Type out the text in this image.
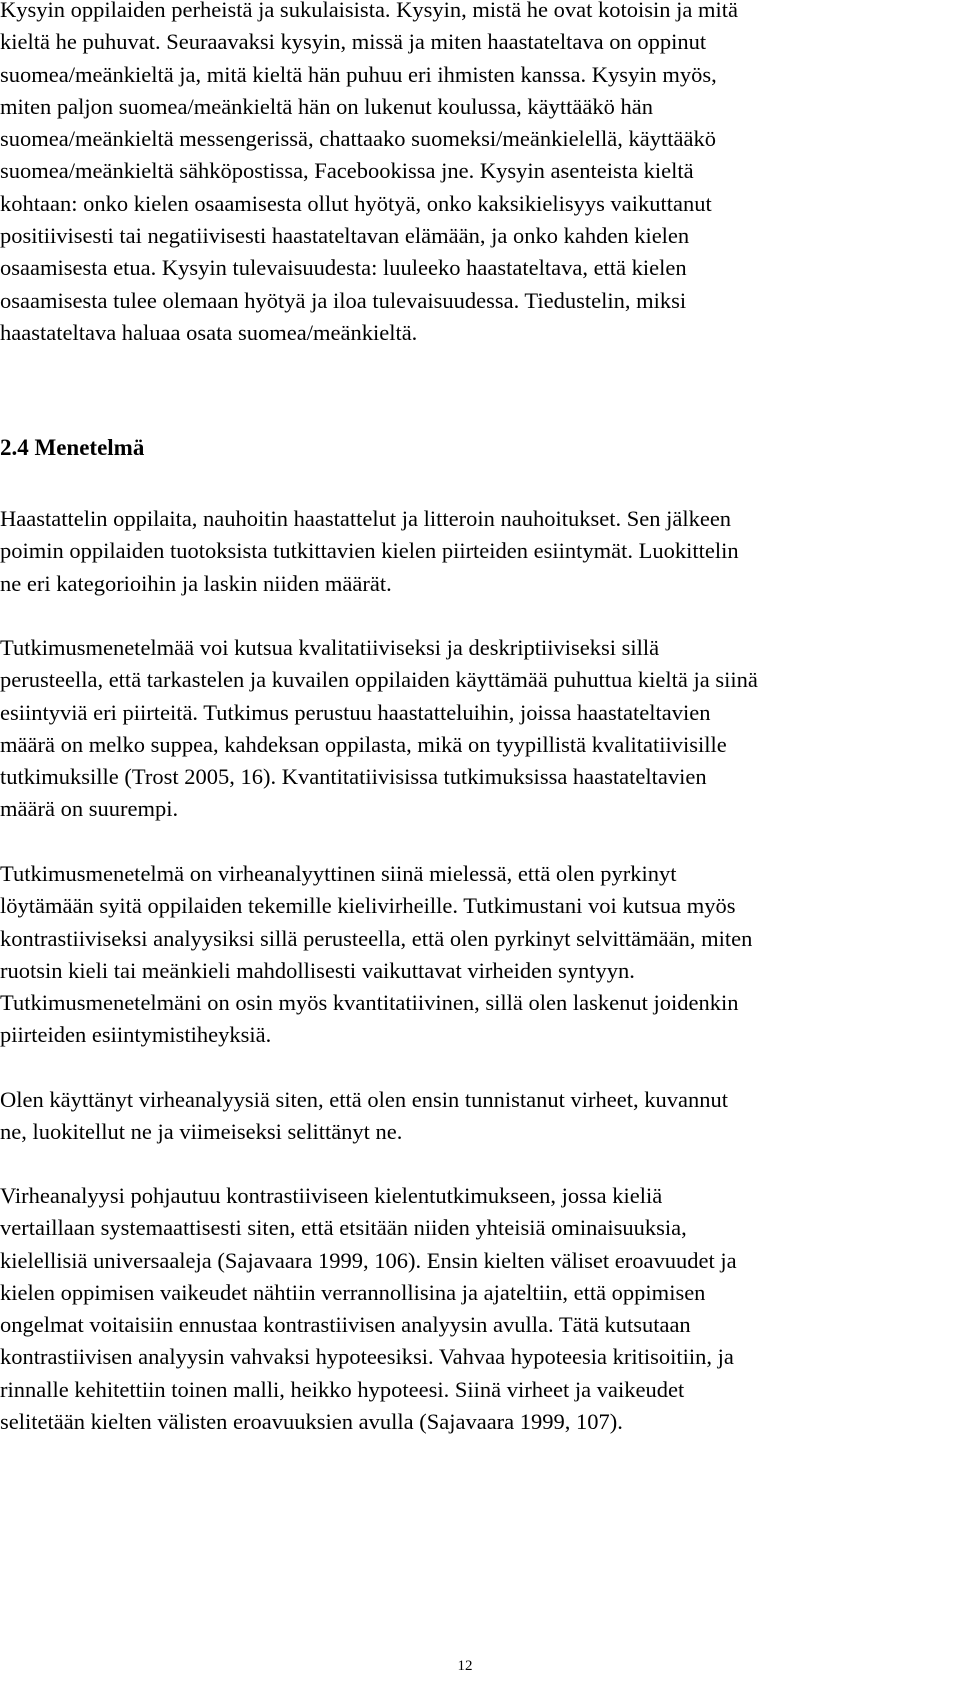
Kysyin oppilaiden perheistä ja sukulaisista. Kysyin, mistä he ovat kotoisin ja mitä
kieltä he puhuvat. Seuraavaksi kysyin, missä ja miten haastateltava on oppinut
suomea/meänkieltä ja, mitä kieltä hän puhuu eri ihmisten kanssa. Kysyin myös,
miten paljon suomea/meänkieltä hän on lukenut koulussa, käyttääkö hän
suomea/meänkieltä messengerissä, chattaako suomeksi/meänkielellä, käyttääkö
suomea/meänkieltä sähköpostissa, Facebookissa jne. Kysyin asenteista kieltä
kohtaan: onko kielen osaamisesta ollut hyötyä, onko kaksikielisyys vaikuttanut
positiivisesti tai negatiivisesti haastateltavan elämään, ja onko kahden kielen
osaamisesta etua. Kysyin tulevaisuudesta: luuleeko haastateltava, että kielen
osaamisesta tulee olemaan hyötyä ja iloa tulevaisuudessa. Tiedustelin, miksi
haastateltava haluaa osata suomea/meänkieltä.

2.4 Menetelmä

Haastattelin oppilaita, nauhoitin haastattelut ja litteroin nauhoitukset. Sen jälkeen
poimin oppilaiden tuotoksista tutkittavien kielen piirteiden esiintymät. Luokittelin
ne eri kategorioihin ja laskin niiden määrät.

Tutkimusmenetelmää voi kutsua kvalitatiiviseksi ja deskriptiiviseksi sillä
perusteella, että tarkastelen ja kuvailen oppilaiden käyttämää puhuttua kieltä ja siinä
esiintyviä eri piirteitä. Tutkimus perustuu haastatteluihin, joissa haastateltavien
määrä on melko suppea, kahdeksan oppilasta, mikä on tyypillistä kvalitatiivisille
tutkimuksille (Trost 2005, 16). Kvantitatiivisissa tutkimuksissa haastateltavien
määrä on suurempi.

Tutkimusmenetelmä on virheanalyyttinen siinä mielessä, että olen pyrkinyt
löytämään syitä oppilaiden tekemille kielivirheille. Tutkimustani voi kutsua myös
kontrastiiviseksi analyysiksi sillä perusteella, että olen pyrkinyt selvittämään, miten
ruotsin kieli tai meänkieli mahdollisesti vaikuttavat virheiden syntyyn.
Tutkimusmenetelmäni on osin myös kvantitatiivinen, sillä olen laskenut joidenkin
piirteiden esiintymistiheyksiä.

Olen käyttänyt virheanalyysiä siten, että olen ensin tunnistanut virheet, kuvannut
ne, luokitellut ne ja viimeiseksi selittänyt ne.

Virheanalyysi pohjautuu kontrastiiviseen kielentutkimukseen, jossa kieliä
vertaillaan systemaattisesti siten, että etsitään niiden yhteisiä ominaisuuksia,
kielellisiä universaaleja (Sajavaara 1999, 106). Ensin kielten väliset eroavuudet ja
kielen oppimisen vaikeudet nähtiin verrannollisina ja ajateltiin, että oppimisen
ongelmat voitaisiin ennustaa kontrastiivisen analyysin avulla. Tätä kutsutaan
kontrastiivisen analyysin vahvaksi hypoteesiksi. Vahvaa hypoteesia kritisoitiin, ja
rinnalle kehitettiin toinen malli, heikko hypoteesi. Siinä virheet ja vaikeudet
selitetään kielten välisten eroavuuksien avulla (Sajavaara 1999, 107).

12
